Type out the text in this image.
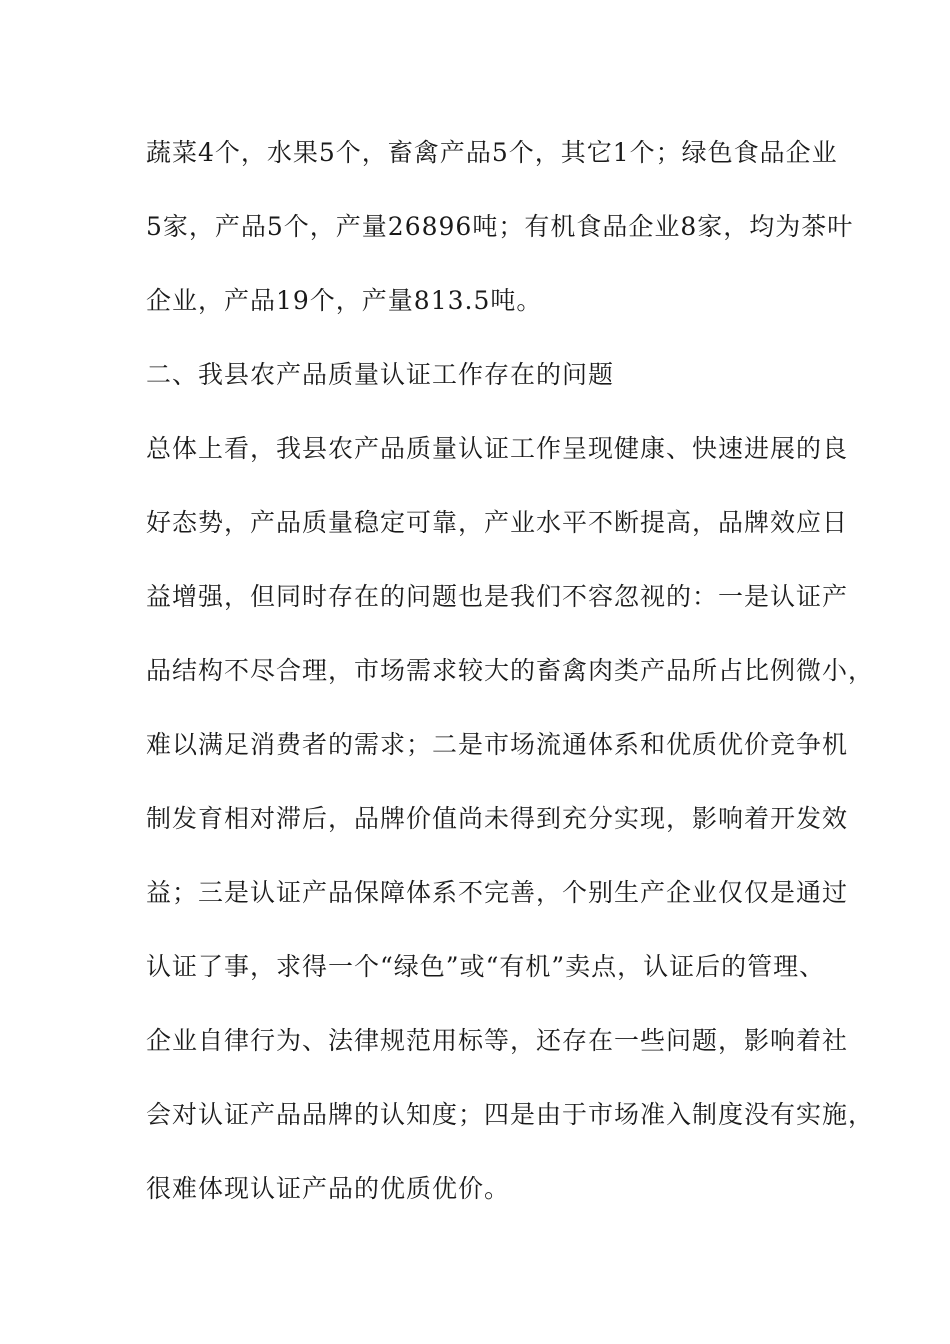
蔬菜4个，水果5个，畜禽产品5个，其它1个；绿色食品企业
5家，产品5个，产量26896吨；有机食品企业8家，均为茶叶
企业，产品19个，产量813.5吨。
二、我县农产品质量认证工作存在的问题
总体上看，我县农产品质量认证工作呈现健康、快速进展的良
好态势，产品质量稳定可靠，产业水平不断提高，品牌效应日
益增强，但同时存在的问题也是我们不容忽视的：一是认证产
品结构不尽合理，市场需求较大的畜禽肉类产品所占比例微小，
难以满足消费者的需求；二是市场流通体系和优质优价竞争机
制发育相对滞后，品牌价值尚未得到充分实现，影响着开发效
益；三是认证产品保障体系不完善，个别生产企业仅仅是通过
认证了事，求得一个“绿色”或“有机”卖点，认证后的管理、
企业自律行为、法律规范用标等，还存在一些问题，影响着社
会对认证产品品牌的认知度；四是由于市场准入制度没有实施，
很难体现认证产品的优质优价。
